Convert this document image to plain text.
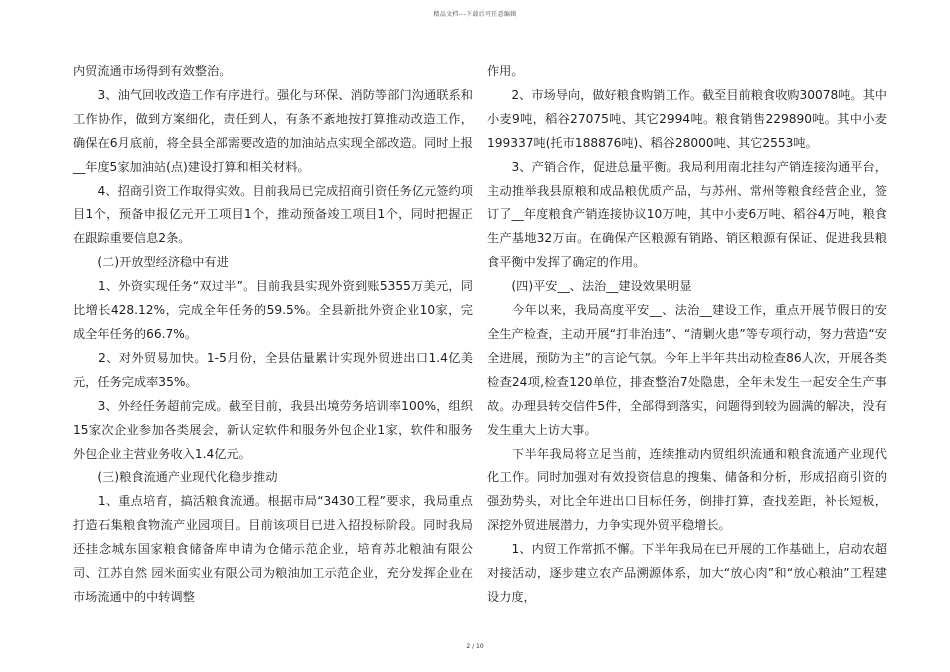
精品文档---下载后可任意编辑

内贸流通市场得到有效整治。

　　3、油气回收改造工作有序进行。强化与环保、消防等部门沟通联系和工作协作，做到方案细化，责任到人，有条不紊地按打算推动改造工作，确保在6月底前，将全县全部需要改造的加油站点实现全部改造。同时上报__年度5家加油站(点)建设打算和相关材料。

　　4、招商引资工作取得实效。目前我局已完成招商引资任务亿元签约项目1个，预备申报亿元开工项目1个，推动预备竣工项目1个，同时把握正在跟踪重要信息2条。

　　(二)开放型经济稳中有进

　　1、外资实现任务“双过半”。目前我县实现外资到账5355万美元，同比增长428.12%，完成全年任务的59.5%。全县新批外资企业10家，完成全年任务的66.7%。

　　2、对外贸易加快。1-5月份，全县估量累计实现外贸进出口1.4亿美元，任务完成率35%。

　　3、外经任务超前完成。截至目前，我县出境劳务培训率100%，组织15家次企业参加各类展会，新认定软件和服务外包企业1家，软件和服务外包企业主营业务收入1.4亿元。

　　(三)粮食流通产业现代化稳步推动

　　1、重点培育，搞活粮食流通。根据市局“3430工程”要求，我局重点打造石集粮食物流产业园项目。目前该项目已进入招投标阶段。同时我局还挂念城东国家粮食储备库申请为仓储示范企业，培育苏北粮油有限公司、江苏自然 园米面实业有限公司为粮油加工示范企业，充分发挥企业在市场流通中的中转调整

作用。

　　2、市场导向，做好粮食购销工作。截至目前粮食收购30078吨。其中小麦9吨，稻谷27075吨、其它2994吨。粮食销售229890吨。其中小麦199337吨(托市188876吨)、稻谷28000吨、其它2553吨。

　　3、产销合作，促进总量平衡。我局利用南北挂勾产销连接沟通平台，主动推举我县原粮和成品粮优质产品，与苏州、常州等粮食经营企业，签订了__年度粮食产销连接协议10万吨，其中小麦6万吨、稻谷4万吨，粮食生产基地32万亩。在确保产区粮源有销路、销区粮源有保证、促进我县粮食平衡中发挥了确定的作用。

　　(四)平安__、法治__建设效果明显

　　今年以来，我局高度平安__、法治__建设工作，重点开展节假日的安全生产检查，主动开展“打非治违”、“清剿火患”等专项行动，努力营造“安全进展，预防为主”的言论气氛。今年上半年共出动检查86人次，开展各类检查24项,检查120单位，排查整治7处隐患，全年未发生一起安全生产事故。办理县转交信件5件，全部得到落实，问题得到较为圆满的解决，没有发生重大上访大事。

　　下半年我局将立足当前，连续推动内贸组织流通和粮食流通产业现代化工作。同时加强对有效投资信息的搜集、储备和分析，形成招商引资的强劲势头，对比全年进出口目标任务，倒排打算，查找差距，补长短板，深挖外贸进展潜力，力争实现外贸平稳增长。

　　1、内贸工作常抓不懈。下半年我局在已开展的工作基础上，启动农超对接活动，逐步建立农产品溯源体系，加大“放心肉”和“放心粮油”工程建设力度，

2 / 10
